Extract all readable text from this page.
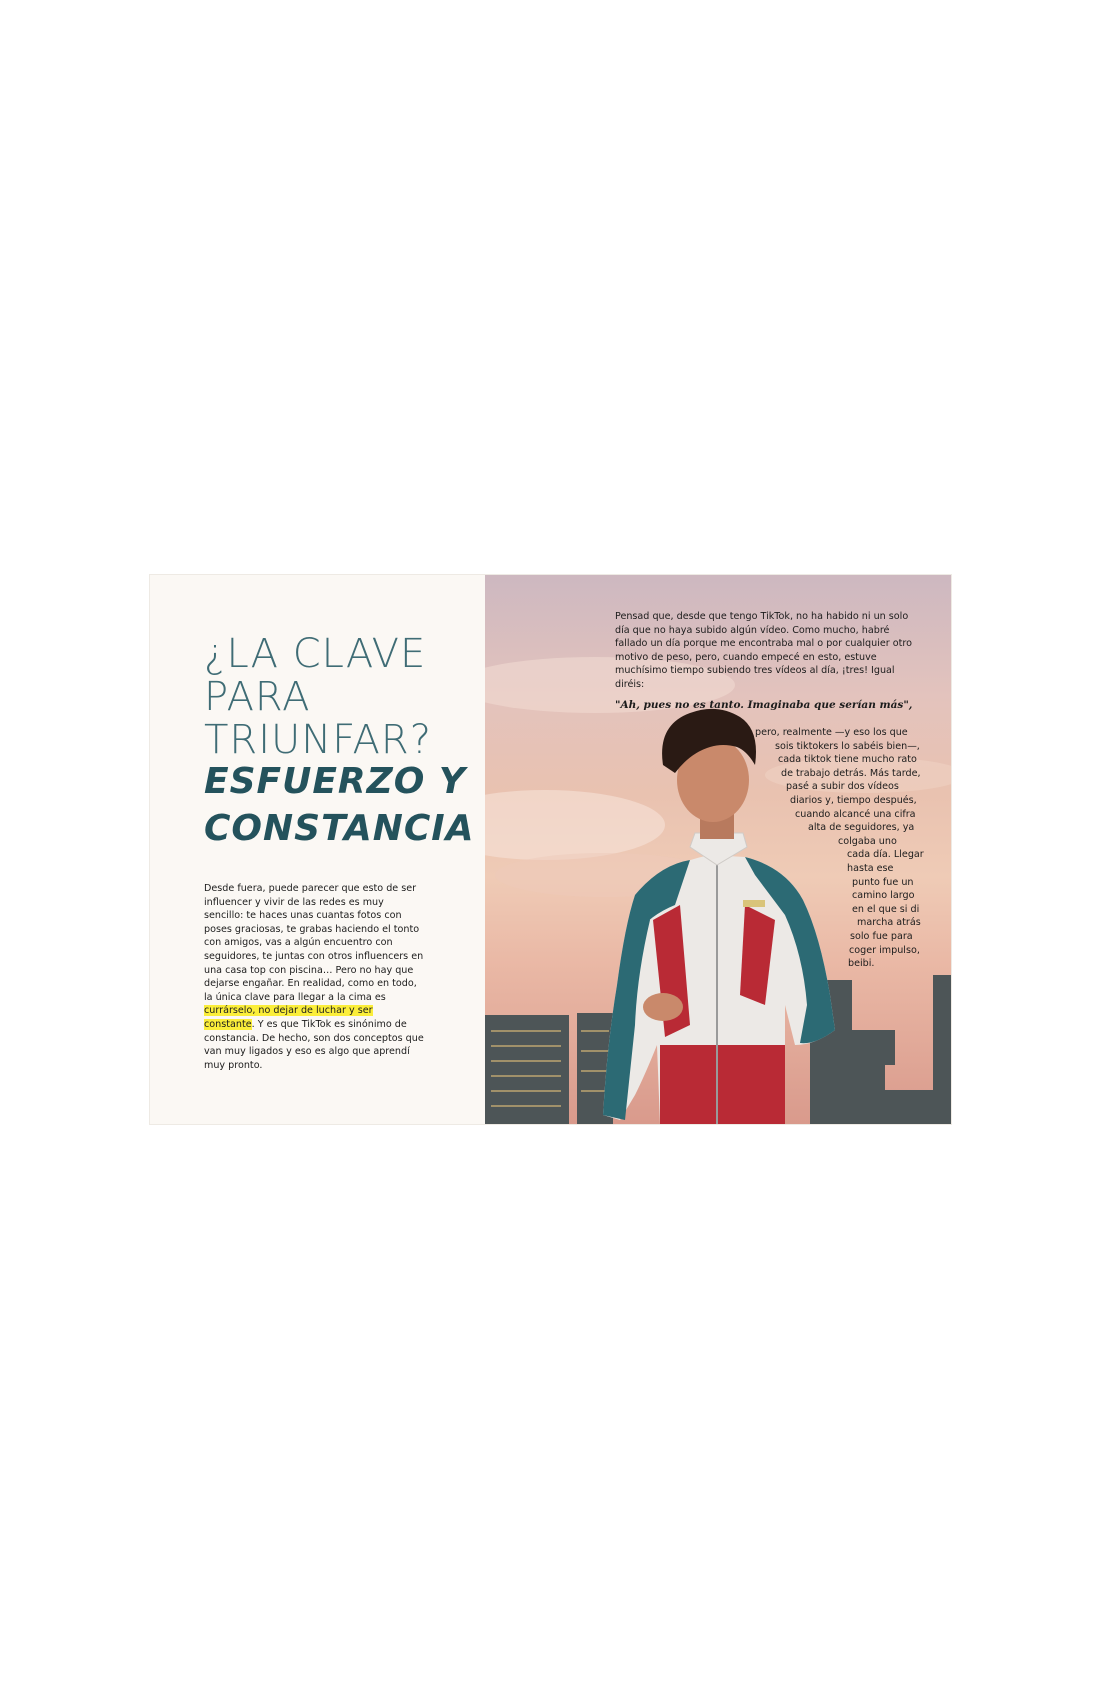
¿LA CLAVE
PARA
TRIUNFAR?
ESFUERZO Y
CONSTANCIA

Desde fuera, puede parecer que esto de ser influencer y vivir de las redes es muy sencillo: te haces unas cuantas fotos con poses graciosas, te grabas haciendo el tonto con amigos, vas a algún encuentro con seguidores, te juntas con otros influencers en una casa top con piscina… Pero no hay que dejarse engañar. En realidad, como en todo, la única clave para llegar a la cima es currárselo, no dejar de luchar y ser constante. Y es que TikTok es sinónimo de constancia. De hecho, son dos conceptos que van muy ligados y eso es algo que aprendí muy pronto.

Pensad que, desde que tengo TikTok, no ha habido ni un solo día que no haya subido algún vídeo. Como mucho, habré fallado un día porque me encontraba mal o por cualquier otro motivo de peso, pero, cuando empecé en esto, estuve muchísimo tiempo subiendo tres vídeos al día, ¡tres! Igual diréis:

"Ah, pues no es tanto. Imaginaba que serían más",

pero, realmente —y eso los que
sois tiktokers lo sabéis bien—,
cada tiktok tiene mucho rato
de trabajo detrás. Más tarde,
pasé a subir dos vídeos
diarios y, tiempo después,
cuando alcancé una cifra
alta de seguidores, ya
colgaba uno
cada día. Llegar
hasta ese
punto fue un
camino largo
en el que si di
marcha atrás
solo fue para
coger impulso,
beibi.
